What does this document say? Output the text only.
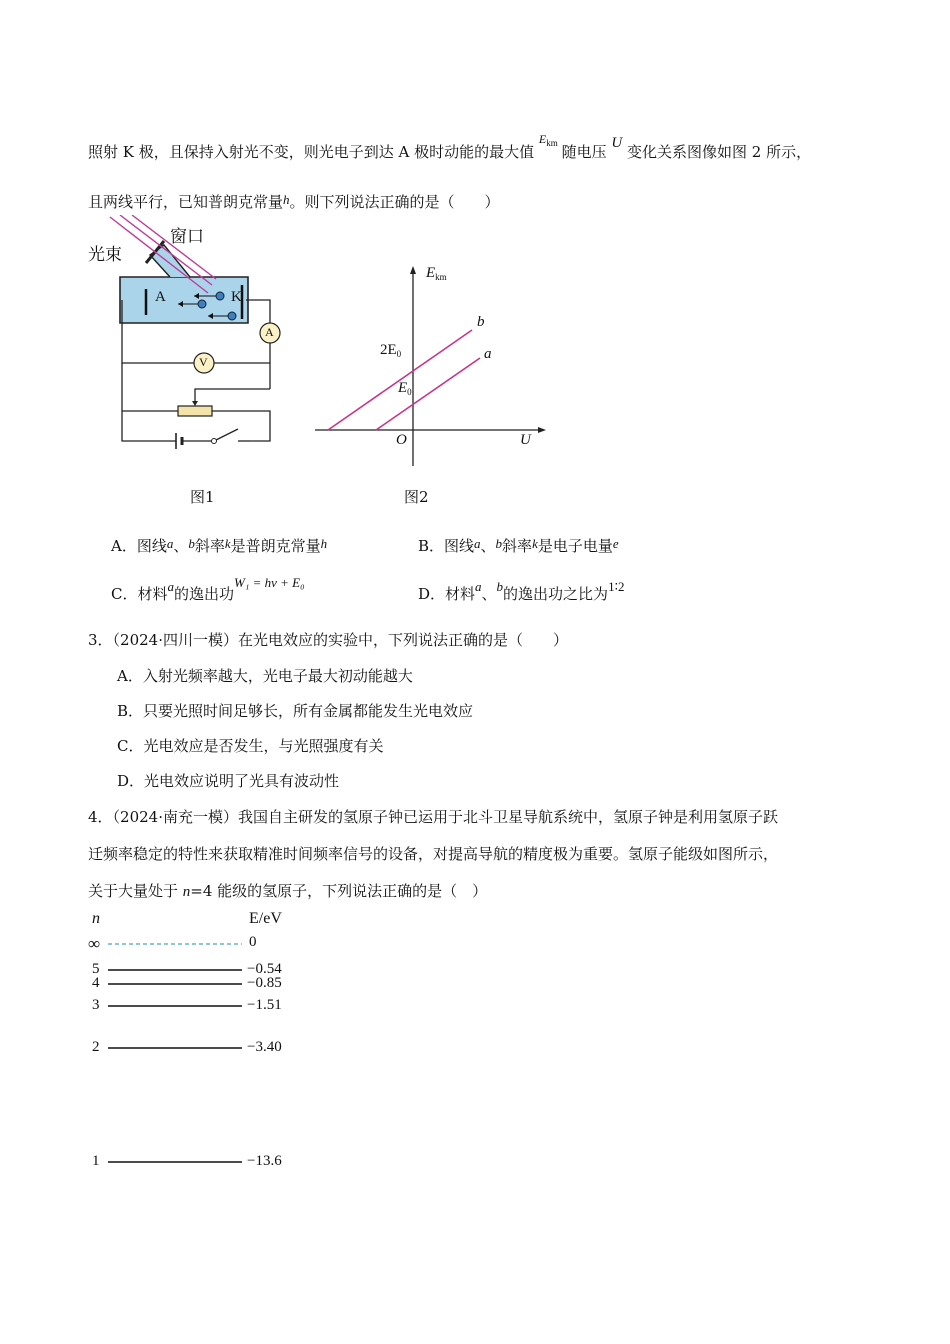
照射 K 极，且保持入射光不变，则光电子到达 A 极时动能的最大值 $^{E_{km}}$ 随电压 U 变化关系图像如图 2 所示，
且两线平行，已知普朗克常量h。则下列说法正确的是（　　）
光束
窗口
A	K
A
V
图1
$E_{km}$
b
a
$2E_0$
$E_0$
O	U
图2
A．图线a、b斜率k是普朗克常量h	B．图线a、b斜率k是电子电量e
C．材料a的逸出功W₁ = hν + E₀
D．材料a、b的逸出功之比为1∶2
3．（2024·四川一模）在光电效应的实验中，下列说法正确的是（　　）
A．入射光频率越大，光电子最大初动能越大
B．只要光照时间足够长，所有金属都能发生光电效应
C．光电效应是否发生，与光照强度有关
D．光电效应说明了光具有波动性
4．（2024·南充一模）我国自主研发的氢原子钟已运用于北斗卫星导航系统中，氢原子钟是利用氢原子跃
迁频率稳定的特性来获取精准时间频率信号的设备，对提高导航的精度极为重要。氢原子能级如图所示，
关于大量处于 n=4 能级的氢原子，下列说法正确的是（　）
n	E/eV
∞	0
5	−0.54
4	−0.85
3	−1.51
2	−3.40
1	−13.6
